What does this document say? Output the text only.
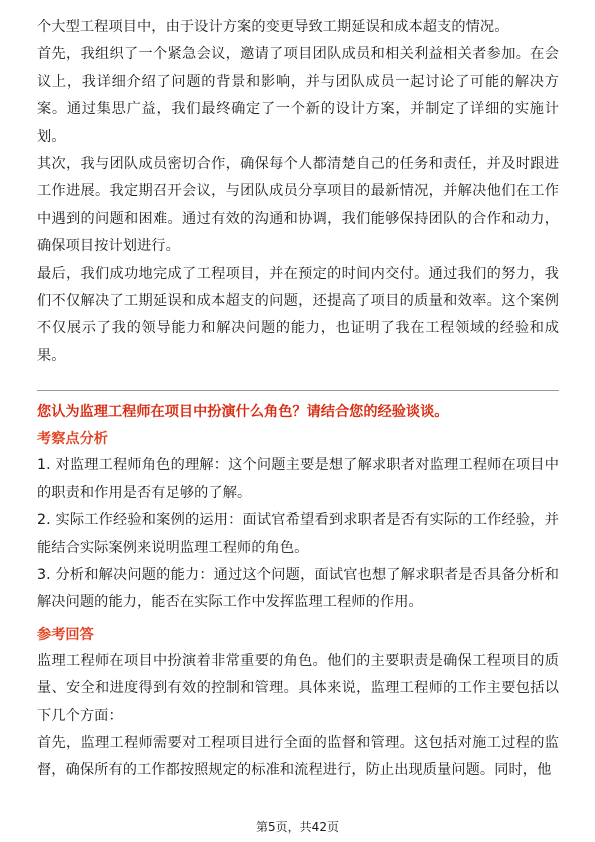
个大型工程项目中，由于设计方案的变更导致工期延误和成本超支的情况。

首先，我组织了一个紧急会议，邀请了项目团队成员和相关利益相关者参加。在会议上，我详细介绍了问题的背景和影响，并与团队成员一起讨论了可能的解决方案。通过集思广益，我们最终确定了一个新的设计方案，并制定了详细的实施计划。

其次，我与团队成员密切合作，确保每个人都清楚自己的任务和责任，并及时跟进工作进展。我定期召开会议，与团队成员分享项目的最新情况，并解决他们在工作中遇到的问题和困难。通过有效的沟通和协调，我们能够保持团队的合作和动力，确保项目按计划进行。

最后，我们成功地完成了工程项目，并在预定的时间内交付。通过我们的努力，我们不仅解决了工期延误和成本超支的问题，还提高了项目的质量和效率。这个案例不仅展示了我的领导能力和解决问题的能力，也证明了我在工程领域的经验和成果。

您认为监理工程师在项目中扮演什么角色？请结合您的经验谈谈。

考察点分析

1. 对监理工程师角色的理解：这个问题主要是想了解求职者对监理工程师在项目中的职责和作用是否有足够的了解。

2. 实际工作经验和案例的运用：面试官希望看到求职者是否有实际的工作经验，并能结合实际案例来说明监理工程师的角色。

3. 分析和解决问题的能力：通过这个问题，面试官也想了解求职者是否具备分析和解决问题的能力，能否在实际工作中发挥监理工程师的作用。

参考回答

监理工程师在项目中扮演着非常重要的角色。他们的主要职责是确保工程项目的质量、安全和进度得到有效的控制和管理。具体来说，监理工程师的工作主要包括以下几个方面：

首先，监理工程师需要对工程项目进行全面的监督和管理。这包括对施工过程的监督，确保所有的工作都按照规定的标准和流程进行，防止出现质量问题。同时，他

第5页，共42页
